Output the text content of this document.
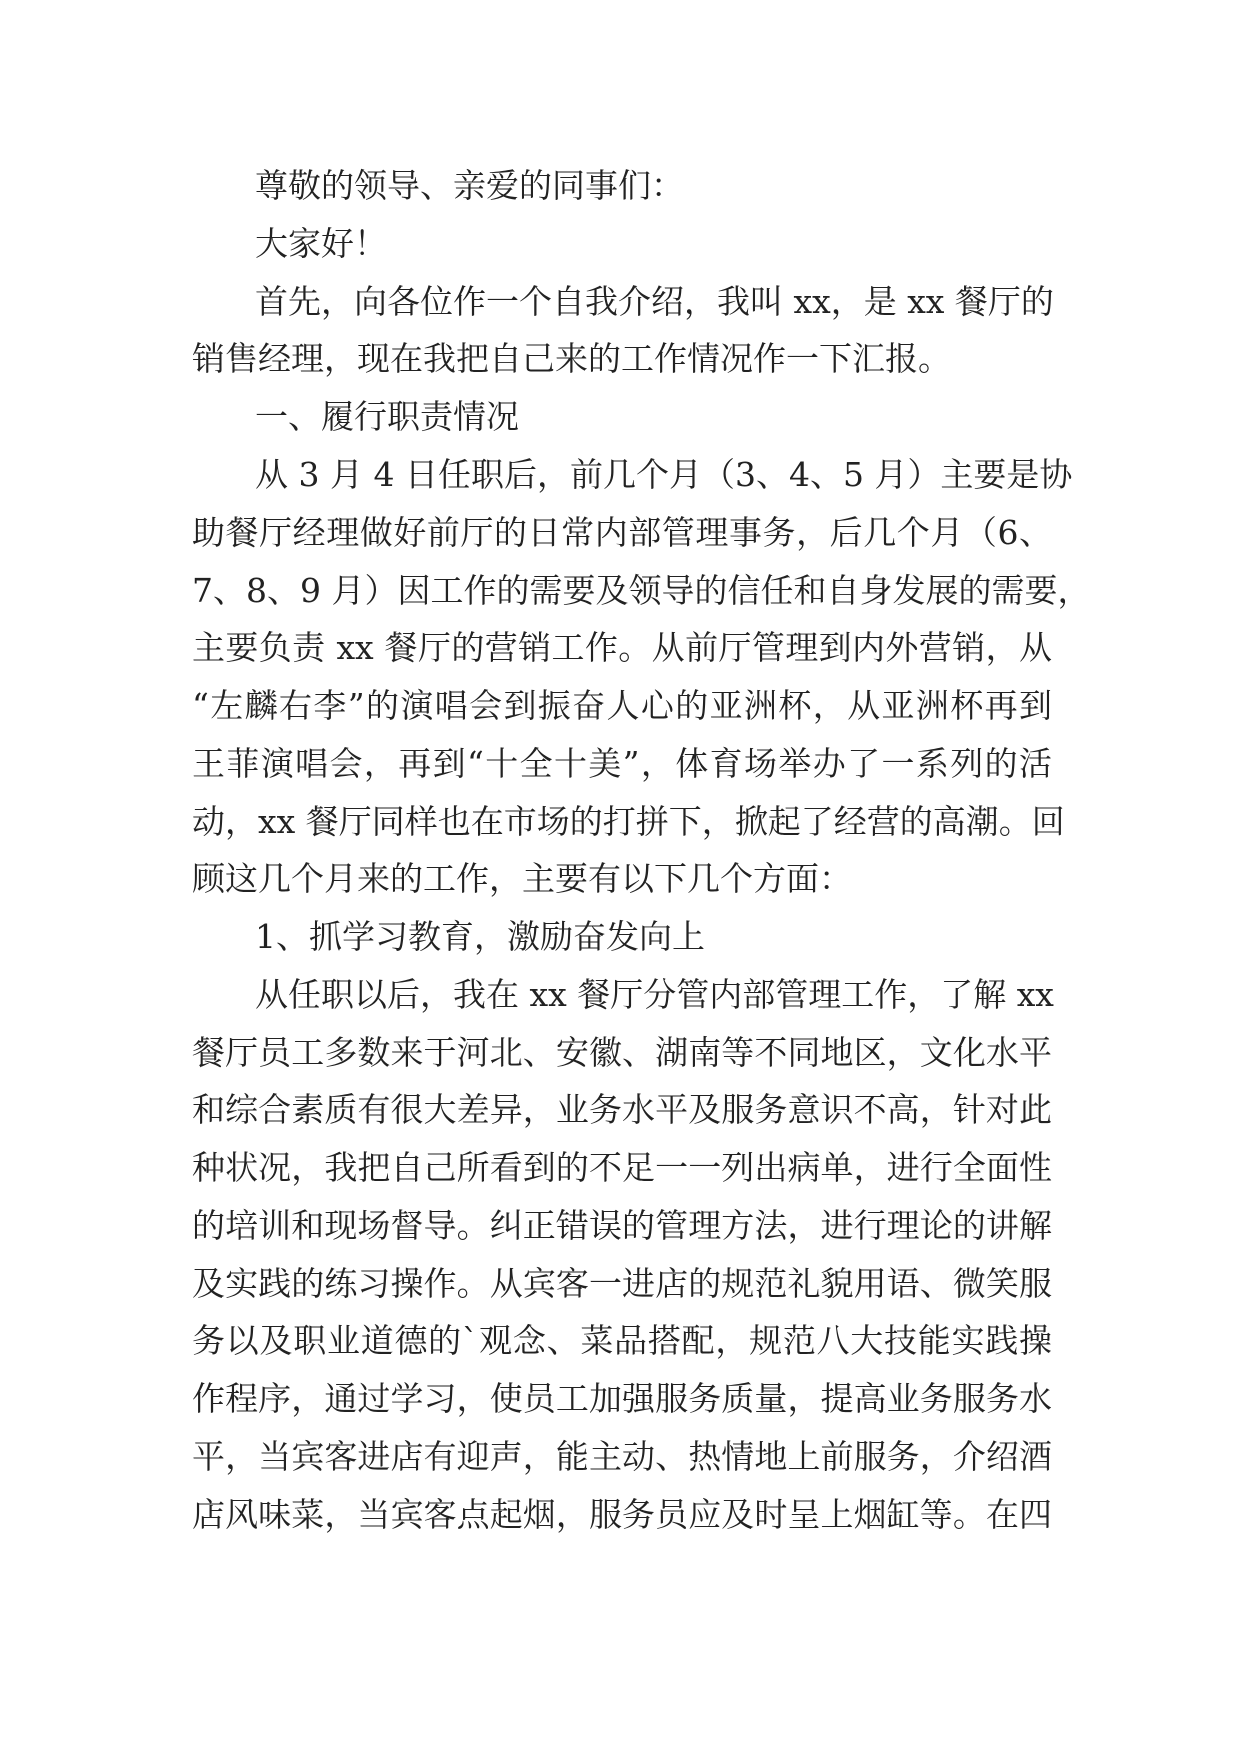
尊敬的领导、亲爱的同事们：
大家好！
首先，向各位作一个自我介绍，我叫 xx，是 xx 餐厅的
销售经理，现在我把自己来的工作情况作一下汇报。
一、履行职责情况
从 3 月 4 日任职后，前几个月（3、4、5 月）主要是协
助餐厅经理做好前厅的日常内部管理事务，后几个月（6、
7、8、9 月）因工作的需要及领导的信任和自身发展的需要，
主要负责 xx 餐厅的营销工作。从前厅管理到内外营销，从
“左麟右李”的演唱会到振奋人心的亚洲杯，从亚洲杯再到
王菲演唱会，再到“十全十美”，体育场举办了一系列的活
动，xx 餐厅同样也在市场的打拼下，掀起了经营的高潮。回
顾这几个月来的工作，主要有以下几个方面：
1、抓学习教育，激励奋发向上
从任职以后，我在 xx 餐厅分管内部管理工作，了解 xx
餐厅员工多数来于河北、安徽、湖南等不同地区，文化水平
和综合素质有很大差异，业务水平及服务意识不高，针对此
种状况，我把自己所看到的不足一一列出病单，进行全面性
的培训和现场督导。纠正错误的管理方法，进行理论的讲解
及实践的练习操作。从宾客一进店的规范礼貌用语、微笑服
务以及职业道德的`观念、菜品搭配，规范八大技能实践操
作程序，通过学习，使员工加强服务质量，提高业务服务水
平，当宾客进店有迎声，能主动、热情地上前服务，介绍酒
店风味菜，当宾客点起烟，服务员应及时呈上烟缸等。在四
